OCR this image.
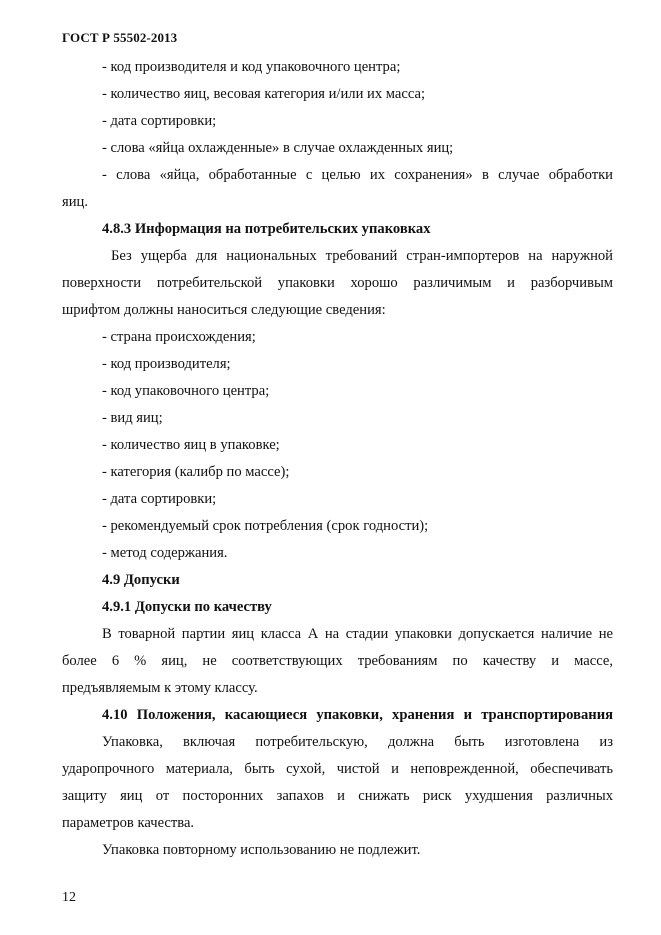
ГОСТ Р 55502-2013
- код производителя и код упаковочного центра;
- количество яиц, весовая категория и/или их масса;
- дата сортировки;
- слова «яйца охлажденные» в случае охлажденных яиц;
- слова «яйца, обработанные с целью их сохранения» в случае обработки
яиц.
4.8.3 Информация на потребительских упаковках
Без ущерба для национальных требований стран-импортеров на наружной
поверхности потребительской упаковки хорошо различимым и разборчивым
шрифтом должны наноситься следующие сведения:
- страна происхождения;
- код производителя;
- код упаковочного центра;
- вид яиц;
- количество яиц в упаковке;
- категория (калибр по массе);
- дата сортировки;
- рекомендуемый срок потребления (срок годности);
- метод содержания.
4.9 Допуски
4.9.1 Допуски по качеству
В товарной партии яиц класса А на стадии упаковки допускается наличие не
более 6 % яиц, не соответствующих требованиям по качеству и массе,
предъявляемым к этому классу.
4.10 Положения, касающиеся упаковки, хранения и транспортирования
Упаковка, включая потребительскую, должна быть изготовлена из
ударопрочного материала, быть сухой, чистой и неповрежденной, обеспечивать
защиту яиц от посторонних запахов и снижать риск ухудшения различных
параметров качества.
Упаковка повторному использованию не подлежит.
12
